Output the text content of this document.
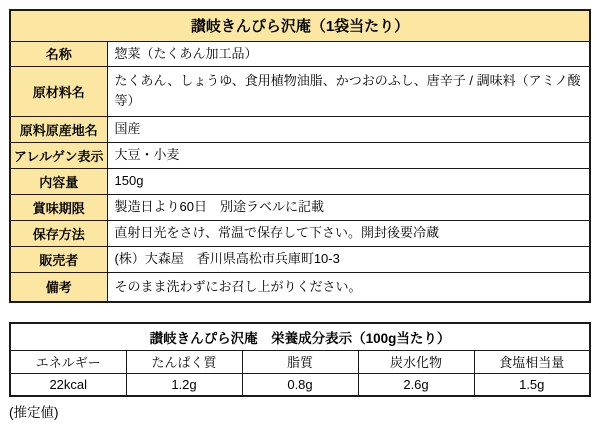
讃岐きんぴら沢庵（1袋当たり）	
名称	惣菜（たくあん加工品）
原材料名	たくあん、しょうゆ、食用植物油脂、かつおのふし、唐辛子 / 調味料（アミノ酸等）
原料原産地名	国産
アレルゲン表示	大豆・小麦
内容量	150g
賞味期限	製造日より60日　別途ラベルに記載
保存方法	直射日光をさけ、常温で保存して下さい。開封後要冷蔵
販売者	(株）大森屋　香川県高松市兵庫町10-3
備考	そのまま洗わずにお召し上がりください。
讃岐きんぴら沢庵　栄養成分表示（100g当たり）				
エネルギー	たんぱく質	脂質	炭水化物	食塩相当量
22kcal	1.2g	0.8g	2.6g	1.5g
(推定値)
